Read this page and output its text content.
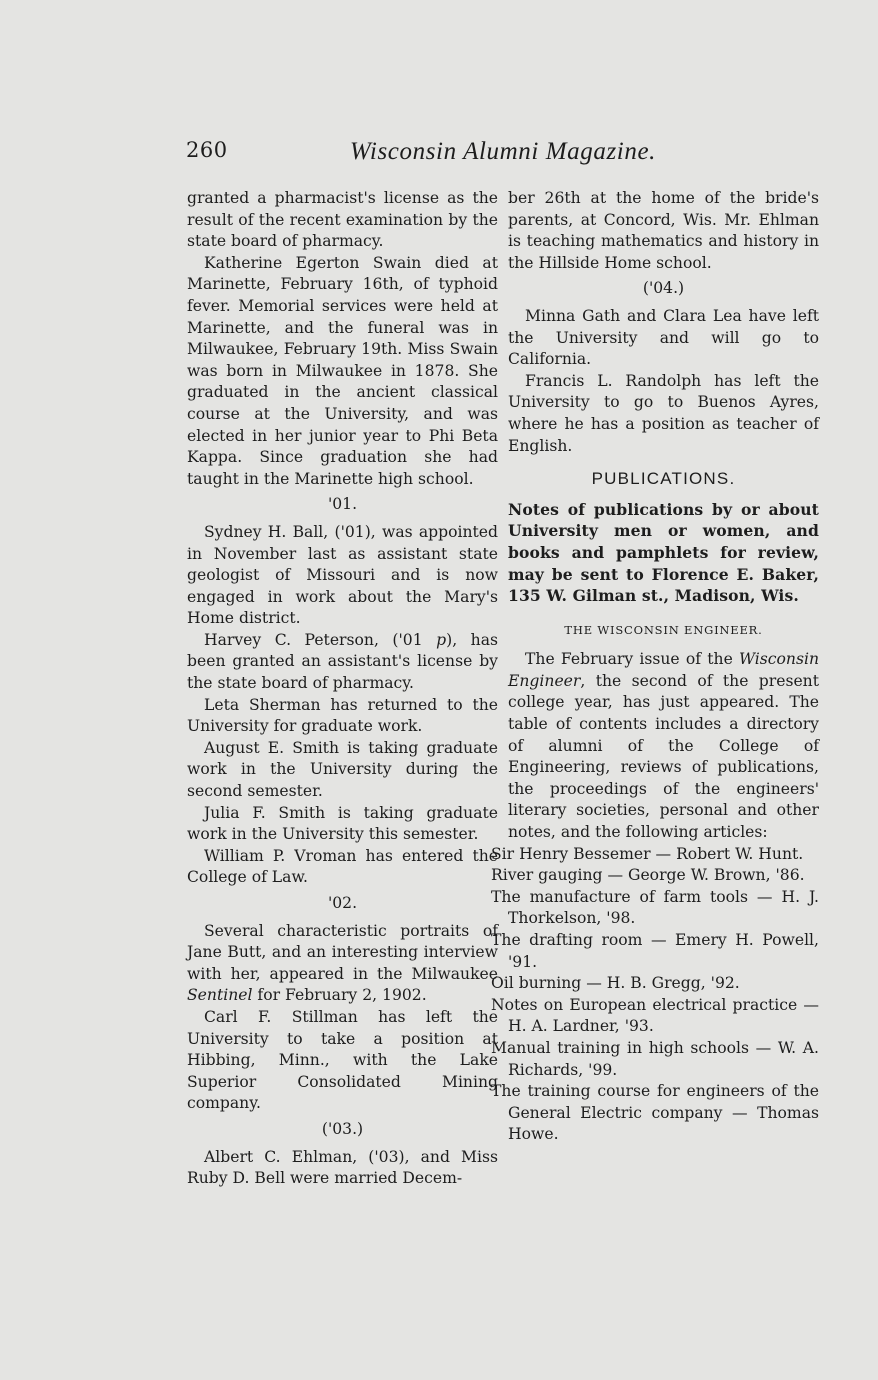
260	Wisconsin Alumni Magazine.

granted a pharmacist's license as the result of the recent examination by the state board of pharmacy.

Katherine Egerton Swain died at Marinette, February 16th, of typhoid fever. Memorial services were held at Marinette, and the funeral was in Milwaukee, February 19th. Miss Swain was born in Milwaukee in 1878. She graduated in the ancient classical course at the University, and was elected in her junior year to Phi Beta Kappa. Since graduation she had taught in the Marinette high school.

'01.

Sydney H. Ball, ('01), was appointed in November last as assistant state geologist of Missouri and is now engaged in work about the Mary's Home district.

Harvey C. Peterson, ('01 p), has been granted an assistant's license by the state board of pharmacy.

Leta Sherman has returned to the University for graduate work.

August E. Smith is taking graduate work in the University during the second semester.

Julia F. Smith is taking graduate work in the University this semester.

William P. Vroman has entered the College of Law.

'02.

Several characteristic portraits of Jane Butt, and an interesting interview with her, appeared in the Milwaukee Sentinel for February 2, 1902.

Carl F. Stillman has left the University to take a position at Hibbing, Minn., with the Lake Superior Consolidated Mining company.

('03.)

Albert C. Ehlman, ('03), and Miss Ruby D. Bell were married Decem-

ber 26th at the home of the bride's parents, at Concord, Wis. Mr. Ehlman is teaching mathematics and history in the Hillside Home school.

('04.)

Minna Gath and Clara Lea have left the University and will go to California.

Francis L. Randolph has left the University to go to Buenos Ayres, where he has a position as teacher of English.

PUBLICATIONS.

Notes of publications by or about University men or women, and books and pamphlets for review, may be sent to Florence E. Baker, 135 W. Gilman st., Madison, Wis.

THE WISCONSIN ENGINEER.

The February issue of the Wisconsin Engineer, the second of the present college year, has just appeared. The table of contents includes a directory of alumni of the College of Engineering, reviews of publications, the proceedings of the engineers' literary societies, personal and other notes, and the following articles:

Sir Henry Bessemer — Robert W. Hunt.

River gauging — George W. Brown, '86.

The manufacture of farm tools — H. J. Thorkelson, '98.

The drafting room — Emery H. Powell, '91.

Oil burning — H. B. Gregg, '92.

Notes on European electrical practice — H. A. Lardner, '93.

Manual training in high schools — W. A. Richards, '99.

The training course for engineers of the General Electric company — Thomas Howe.
